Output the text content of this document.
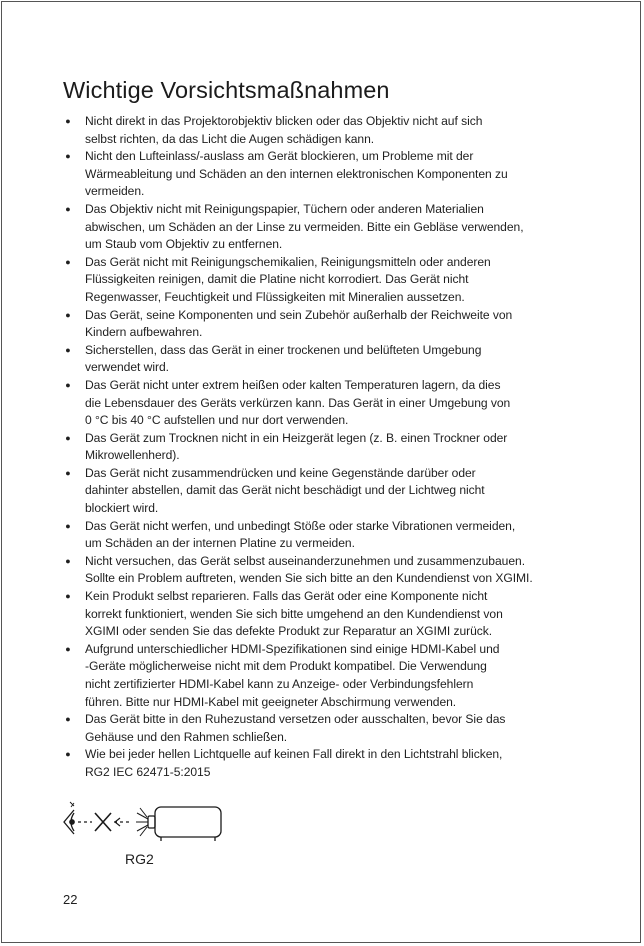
Wichtige Vorsichtsmaßnahmen
● Nicht direkt in das Projektorobjektiv blicken oder das Objektiv nicht auf sich
selbst richten, da das Licht die Augen schädigen kann.
● Nicht den Lufteinlass/-auslass am Gerät blockieren, um Probleme mit der
Wärmeableitung und Schäden an den internen elektronischen Komponenten zu
vermeiden.
● Das Objektiv nicht mit Reinigungspapier, Tüchern oder anderen Materialien
abwischen, um Schäden an der Linse zu vermeiden. Bitte ein Gebläse verwenden,
um Staub vom Objektiv zu entfernen.
● Das Gerät nicht mit Reinigungschemikalien, Reinigungsmitteln oder anderen
Flüssigkeiten reinigen, damit die Platine nicht korrodiert. Das Gerät nicht
Regenwasser, Feuchtigkeit und Flüssigkeiten mit Mineralien aussetzen.
● Das Gerät, seine Komponenten und sein Zubehör außerhalb der Reichweite von
Kindern aufbewahren.
● Sicherstellen, dass das Gerät in einer trockenen und belüfteten Umgebung
verwendet wird.
● Das Gerät nicht unter extrem heißen oder kalten Temperaturen lagern, da dies
die Lebensdauer des Geräts verkürzen kann. Das Gerät in einer Umgebung von
0 °C bis 40 °C aufstellen und nur dort verwenden.
● Das Gerät zum Trocknen nicht in ein Heizgerät legen (z. B. einen Trockner oder
Mikrowellenherd).
● Das Gerät nicht zusammendrücken und keine Gegenstände darüber oder
dahinter abstellen, damit das Gerät nicht beschädigt und der Lichtweg nicht
blockiert wird.
● Das Gerät nicht werfen, und unbedingt Stöße oder starke Vibrationen vermeiden,
um Schäden an der internen Platine zu vermeiden.
● Nicht versuchen, das Gerät selbst auseinanderzunehmen und zusammenzubauen.
Sollte ein Problem auftreten, wenden Sie sich bitte an den Kundendienst von XGIMI.
● Kein Produkt selbst reparieren. Falls das Gerät oder eine Komponente nicht
korrekt funktioniert, wenden Sie sich bitte umgehend an den Kundendienst von
XGIMI oder senden Sie das defekte Produkt zur Reparatur an XGIMI zurück.
● Aufgrund unterschiedlicher HDMI-Spezifikationen sind einige HDMI-Kabel und
-Geräte möglicherweise nicht mit dem Produkt kompatibel. Die Verwendung
nicht zertifizierter HDMI-Kabel kann zu Anzeige- oder Verbindungsfehlern
führen. Bitte nur HDMI-Kabel mit geeigneter Abschirmung verwenden.
● Das Gerät bitte in den Ruhezustand versetzen oder ausschalten, bevor Sie das
Gehäuse und den Rahmen schließen.
● Wie bei jeder hellen Lichtquelle auf keinen Fall direkt in den Lichtstrahl blicken,
RG2 IEC 62471-5:2015
RG2
22
